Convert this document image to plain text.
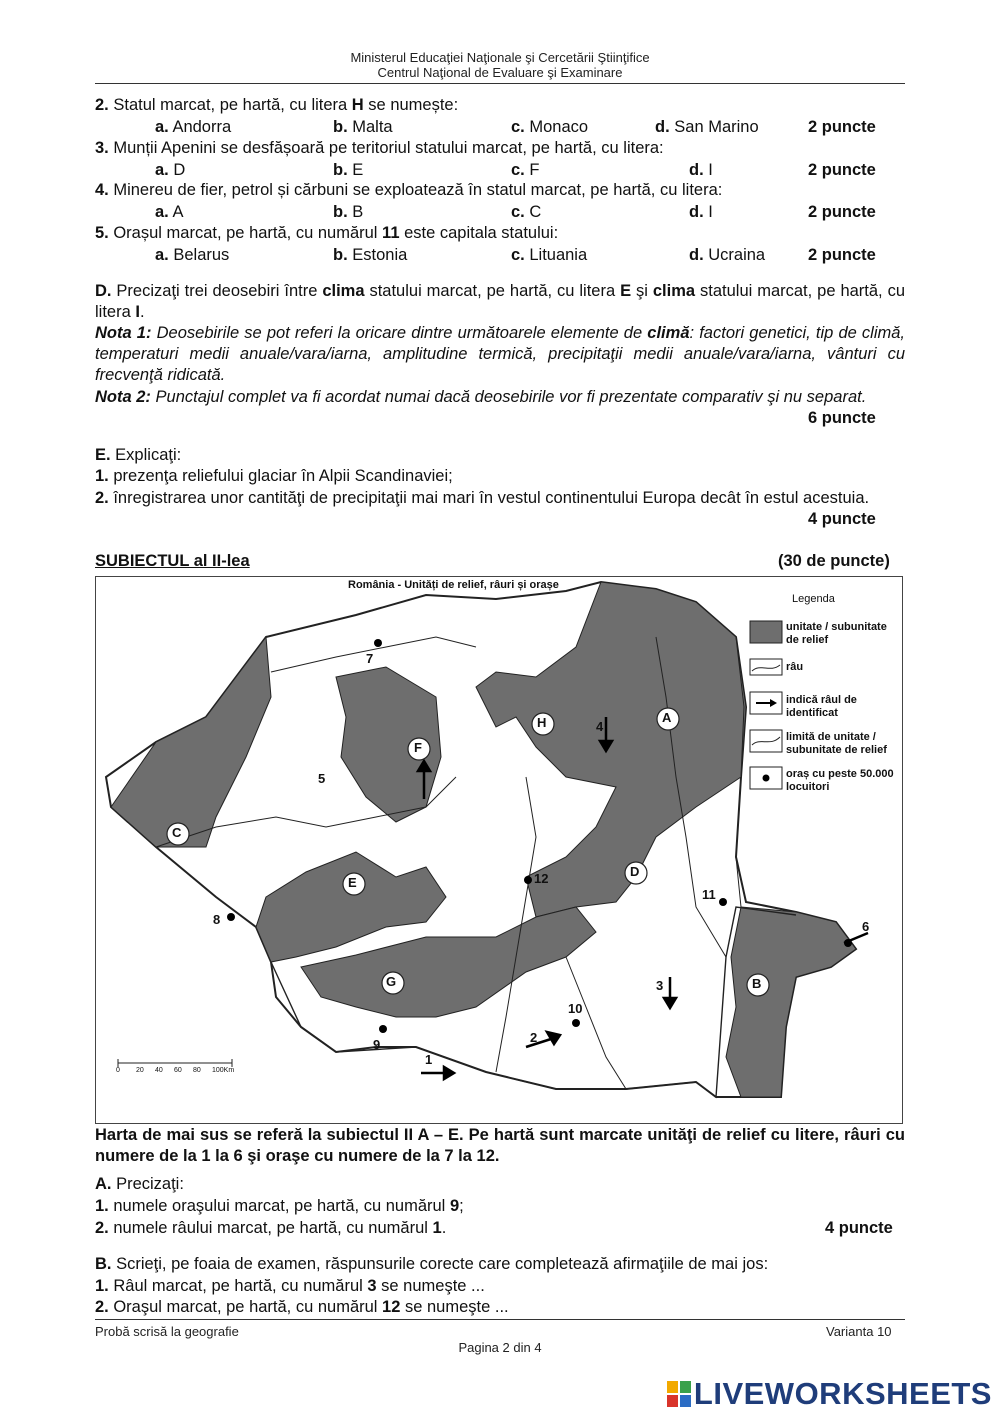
Ministerul Educaţiei Naţionale şi Cercetării Ştiinţifice
Centrul Naţional de Evaluare şi Examinare
2. Statul marcat, pe hartă, cu litera H se numește:
a. Andorra	b. Malta	c. Monaco	d. San Marino	2 puncte
3. Munții Apenini se desfășoară pe teritoriul statului marcat, pe hartă, cu litera:
a. D	b. E	c. F	d. I	2 puncte
4. Minereu de fier, petrol și cărbuni se exploatează în statul marcat, pe hartă, cu litera:
a. A	b. B	c. C	d. I	2 puncte
5. Orașul marcat, pe hartă, cu numărul 11 este capitala statului:
a. Belarus	b. Estonia	c. Lituania	d. Ucraina	2 puncte
D. Precizaţi trei deosebiri între clima statului marcat, pe hartă, cu litera E şi clima statului marcat, pe hartă, cu litera I.
Nota 1: Deosebirile se pot referi la oricare dintre următoarele elemente de climă: factori genetici, tip de climă, temperaturi medii anuale/vara/iarna, amplitudine termică, precipitaţii medii anuale/vara/iarna, vânturi cu frecvenţă ridicată.
Nota 2: Punctajul complet va fi acordat numai dacă deosebirile vor fi prezentate comparativ şi nu separat.
6 puncte
E. Explicaţi:
1. prezenţa reliefului glaciar în Alpii Scandinaviei;
2. înregistrarea unor cantităţi de precipitaţii mai mari în vestul continentului Europa decât în estul acestuia.
4 puncte
SUBIECTUL al II-lea	(30 de puncte)
România - Unități de relief, râuri și orașe
Legenda
unitate / subunitate de relief
râu
indică râul de identificat
limită de unitate / subunitate de relief
oraș cu peste 50.000 locuitori
A
B
C
D
E
F
G
H
1
2
3
4
5
6
7
8
9
10
11
12
0 20 40 60 80 100Km
Harta de mai sus se referă la subiectul II A – E. Pe hartă sunt marcate unităţi de relief cu litere, râuri cu numere de la 1 la 6 şi oraşe cu numere de la 7 la 12.
A. Precizaţi:
1. numele oraşului marcat, pe hartă, cu numărul 9;
2. numele râului marcat, pe hartă, cu numărul 1.	4 puncte
B. Scrieţi, pe foaia de examen, răspunsurile corecte care completează afirmaţiile de mai jos:
1. Râul marcat, pe hartă, cu numărul 3 se numeşte ...
2. Oraşul marcat, pe hartă, cu numărul 12 se numeşte ...
Probă scrisă la geografie	Varianta 10
Pagina 2 din 4
LIVEWORKSHEETS
